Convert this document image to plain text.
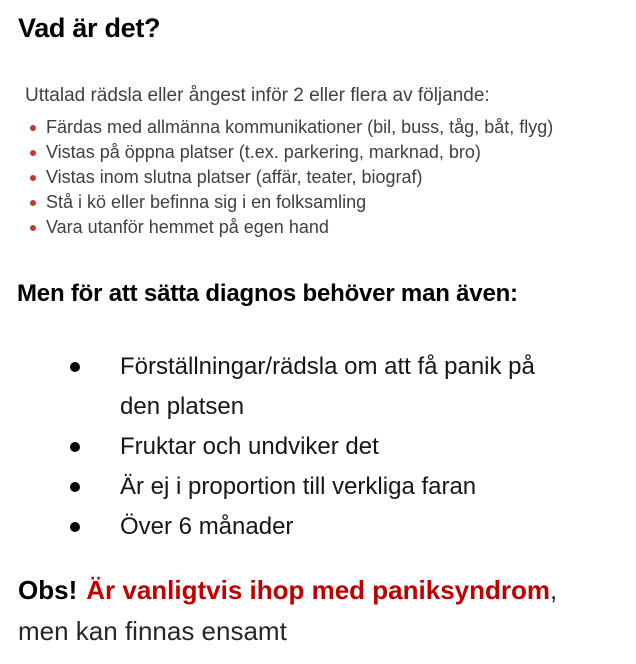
Vad är det?

Uttalad rädsla eller ångest inför 2 eller flera av följande:

Färdas med allmänna kommunikationer (bil, buss, tåg, båt, flyg)
Vistas på öppna platser (t.ex. parkering, marknad, bro)
Vistas inom slutna platser (affär, teater, biograf)
Stå i kö eller befinna sig i en folksamling
Vara utanför hemmet på egen hand
Men för att sätta diagnos behöver man även:
Förställningar/rädsla om att få panik på den platsen
Fruktar och undviker det
Är ej i proportion till verkliga faran
Över 6 månader
Obs! Är vanligtvis ihop med paniksyndrom,
men kan finnas ensamt
